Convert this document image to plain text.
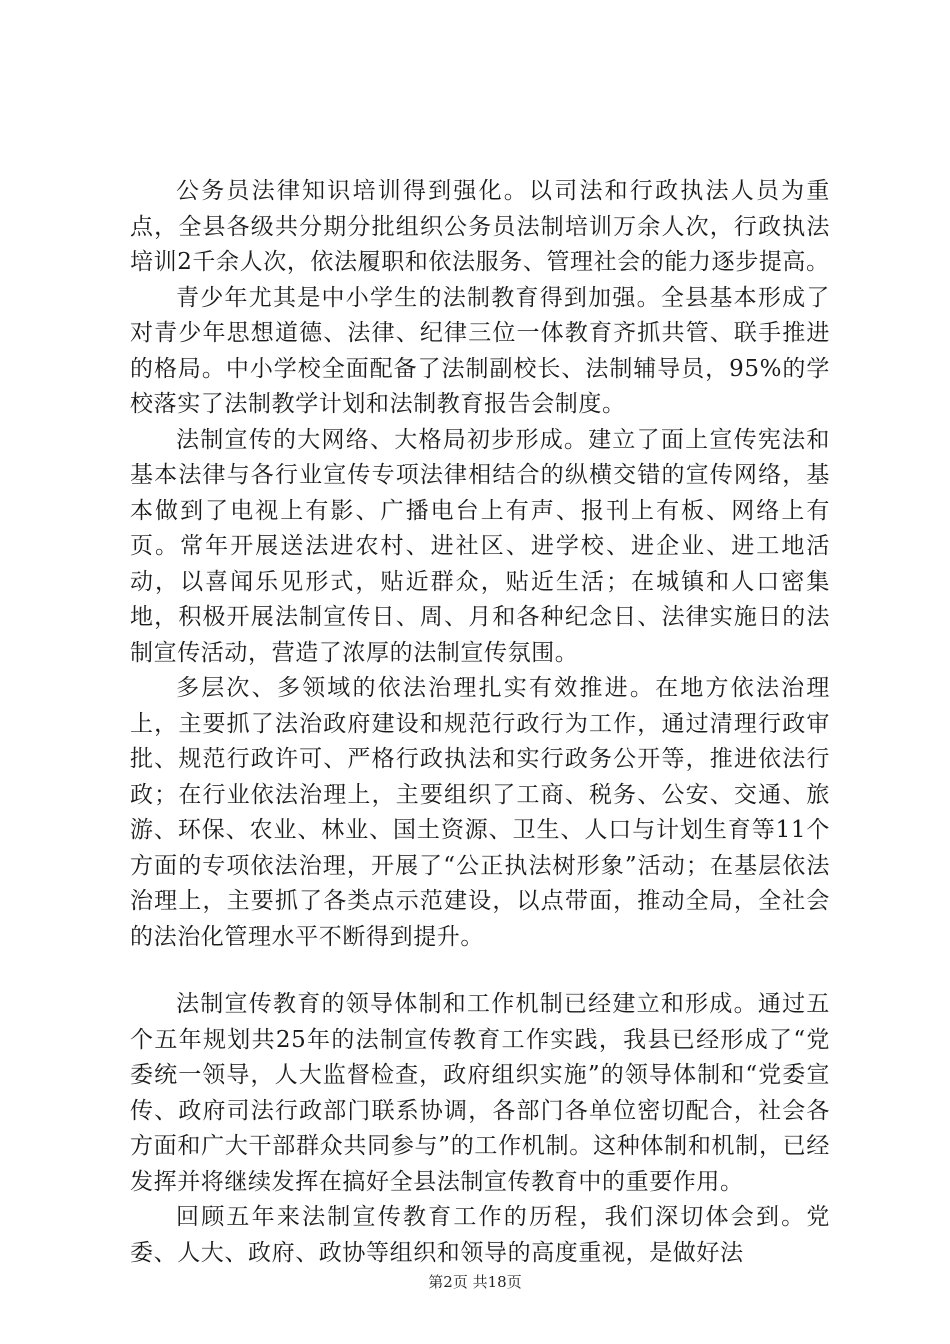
公务员法律知识培训得到强化。以司法和行政执法人员为重点，全县各级共分期分批组织公务员法制培训万余人次，行政执法培训2千余人次，依法履职和依法服务、管理社会的能力逐步提高。

青少年尤其是中小学生的法制教育得到加强。全县基本形成了对青少年思想道德、法律、纪律三位一体教育齐抓共管、联手推进的格局。中小学校全面配备了法制副校长、法制辅导员，95%的学校落实了法制教学计划和法制教育报告会制度。

法制宣传的大网络、大格局初步形成。建立了面上宣传宪法和基本法律与各行业宣传专项法律相结合的纵横交错的宣传网络，基本做到了电视上有影、广播电台上有声、报刊上有板、网络上有页。常年开展送法进农村、进社区、进学校、进企业、进工地活动，以喜闻乐见形式，贴近群众，贴近生活；在城镇和人口密集地，积极开展法制宣传日、周、月和各种纪念日、法律实施日的法制宣传活动，营造了浓厚的法制宣传氛围。

多层次、多领域的依法治理扎实有效推进。在地方依法治理上，主要抓了法治政府建设和规范行政行为工作，通过清理行政审批、规范行政许可、严格行政执法和实行政务公开等，推进依法行政；在行业依法治理上，主要组织了工商、税务、公安、交通、旅游、环保、农业、林业、国土资源、卫生、人口与计划生育等11个方面的专项依法治理，开展了“公正执法树形象”活动；在基层依法治理上，主要抓了各类点示范建设，以点带面，推动全局，全社会的法治化管理水平不断得到提升。

法制宣传教育的领导体制和工作机制已经建立和形成。通过五个五年规划共25年的法制宣传教育工作实践，我县已经形成了“党委统一领导，人大监督检查，政府组织实施”的领导体制和“党委宣传、政府司法行政部门联系协调，各部门各单位密切配合，社会各方面和广大干部群众共同参与”的工作机制。这种体制和机制，已经发挥并将继续发挥在搞好全县法制宣传教育中的重要作用。

回顾五年来法制宣传教育工作的历程，我们深切体会到。党委、人大、政府、政协等组织和领导的高度重视，是做好法

第2页 共18页
